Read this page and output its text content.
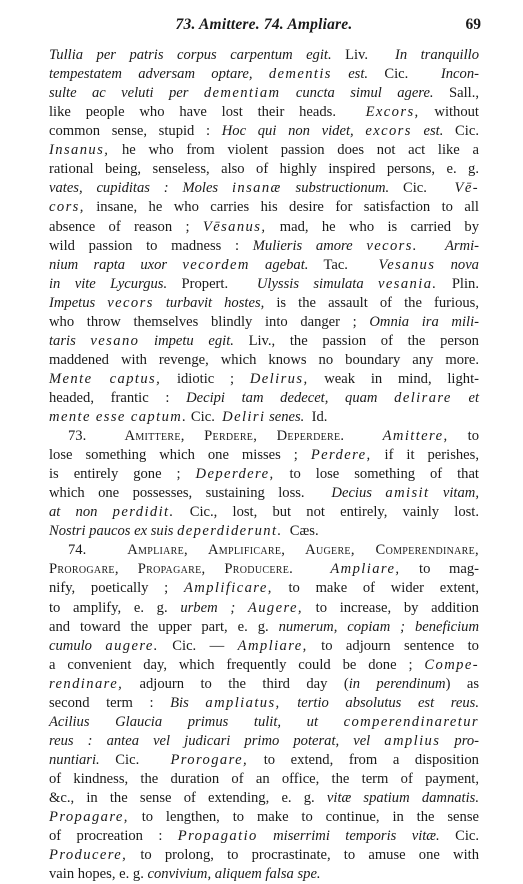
73. Amittere. 74. Ampliare.	69
Tullia per patris corpus carpentum egit. Liv.  In tranquillo
tempestatem adversam optare, dementis est. Cic.  Incon-
sulte ac veluti per dementiam cuncta simul agere. Sall.,
like people who have lost their heads.  Excors, without
common sense, stupid : Hoc qui non videt, excors est. Cic.
Insanus, he who from violent passion does not act like a
rational being, senseless, also of highly inspired persons, e. g.
vates, cupiditas : Moles insanæ substructionum. Cic.  Vē-
cors, insane, he who carries his desire for satisfaction to all
absence of reason ; Vēsanus, mad, he who is carried by
wild passion to madness : Mulieris amore vecors.  Armi-
nium rapta uxor vecordem agebat. Tac.  Vesanus nova
in vite Lycurgus. Propert.  Ulyssis simulata vesania. Plin.
Impetus vecors turbavit hostes, is the assault of the furious,
who throw themselves blindly into danger ; Omnia ira mili-
taris vesano impetu egit. Liv., the passion of the person
maddened with revenge, which knows no boundary any more.
Mente captus, idiotic ; Delirus, weak in mind, light-
headed, frantic : Decipi tam dedecet, quam delirare et
mente esse captum. Cic.  Deliri senes.  Id.
73.  Amittere, Perdere, Deperdere.	Amittere, to
lose something which one misses ; Perdere, if it perishes,
is entirely gone ; Deperdere, to lose something of that
which one possesses, sustaining loss.  Decius amisit vitam,
at non perdidit. Cic., lost, but not entirely, vainly lost.
Nostri paucos ex suis deperdiderunt.  Cæs.
74.  Ampliare, Amplificare, Augere, Comperendinare,
Prorogare, Propagare, Producere.	Ampliare, to mag-
nify, poetically ; Amplificare, to make of wider extent,
to amplify, e. g. urbem ; Augere, to increase, by addition
and toward the upper part, e. g. numerum, copiam ; beneficium
cumulo augere. Cic. — Ampliare, to adjourn sentence to
a convenient day, which frequently could be done ; Compe-
rendinare, adjourn to the third day (in perendinum) as
second term : Bis ampliatus, tertio absolutus est reus.
Acilius Glaucia primus tulit, ut comperendinaretur
reus : antea vel judicari primo poterat, vel amplius pro-
nuntiari. Cic.  Prorogare, to extend, from a disposition
of kindness, the duration of an office, the term of payment,
&c., in the sense of extending, e. g. vitæ spatium damnatis.
Propagare, to lengthen, to make to continue, in the sense
of procreation : Propagatio miserrimi temporis vitæ. Cic.
Producere, to prolong, to procrastinate, to amuse one with
vain hopes, e. g. convivium, aliquem falsa spe.
